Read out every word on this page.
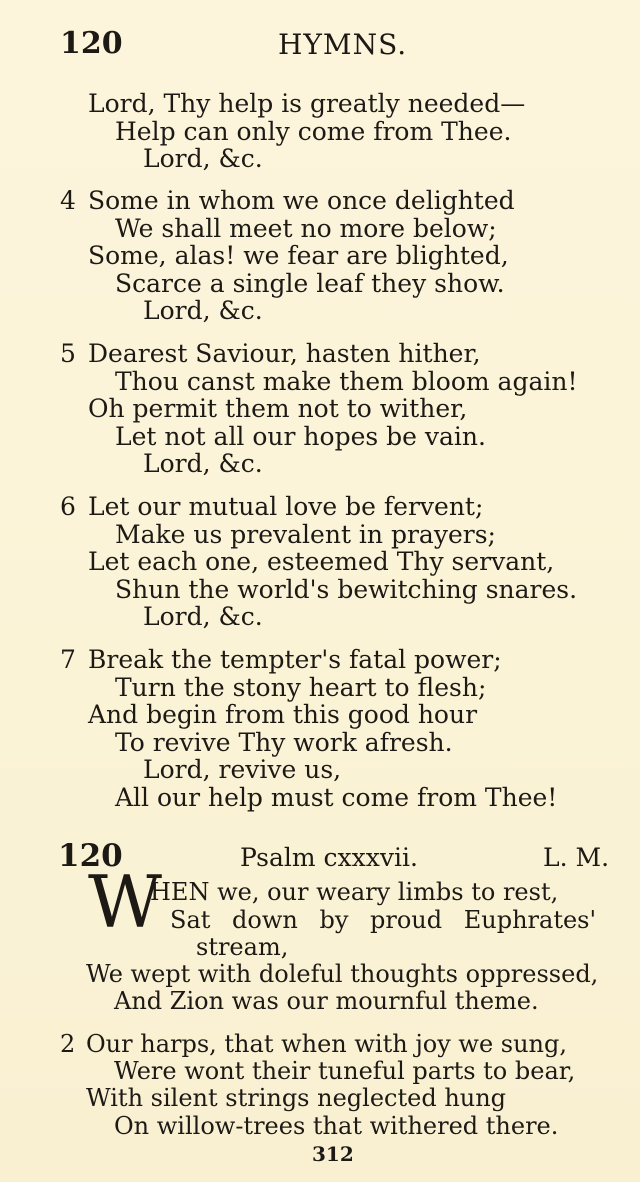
120	HYMNS.
Lord, Thy help is greatly needed—
Help can only come from Thee.
Lord, &c.
4 Some in whom we once delighted
We shall meet no more below;
Some, alas! we fear are blighted,
Scarce a single leaf they show.
Lord, &c.
5 Dearest Saviour, hasten hither,
Thou canst make them bloom again!
Oh permit them not to wither,
Let not all our hopes be vain.
Lord, &c.
6 Let our mutual love be fervent;
Make us prevalent in prayers;
Let each one, esteemed Thy servant,
Shun the world's bewitching snares.
Lord, &c.
7 Break the tempter's fatal power;
Turn the stony heart to flesh;
And begin from this good hour
To revive Thy work afresh.
Lord, revive us,
All our help must come from Thee!
120	Psalm cxxxvii.	L. M.
W
HEN we, our weary limbs to rest,
Sat down by proud Euphrates'
stream,
We wept with doleful thoughts oppressed,
And Zion was our mournful theme.
2 Our harps, that when with joy we sung,
Were wont their tuneful parts to bear,
With silent strings neglected hung
On willow-trees that withered there.
312
